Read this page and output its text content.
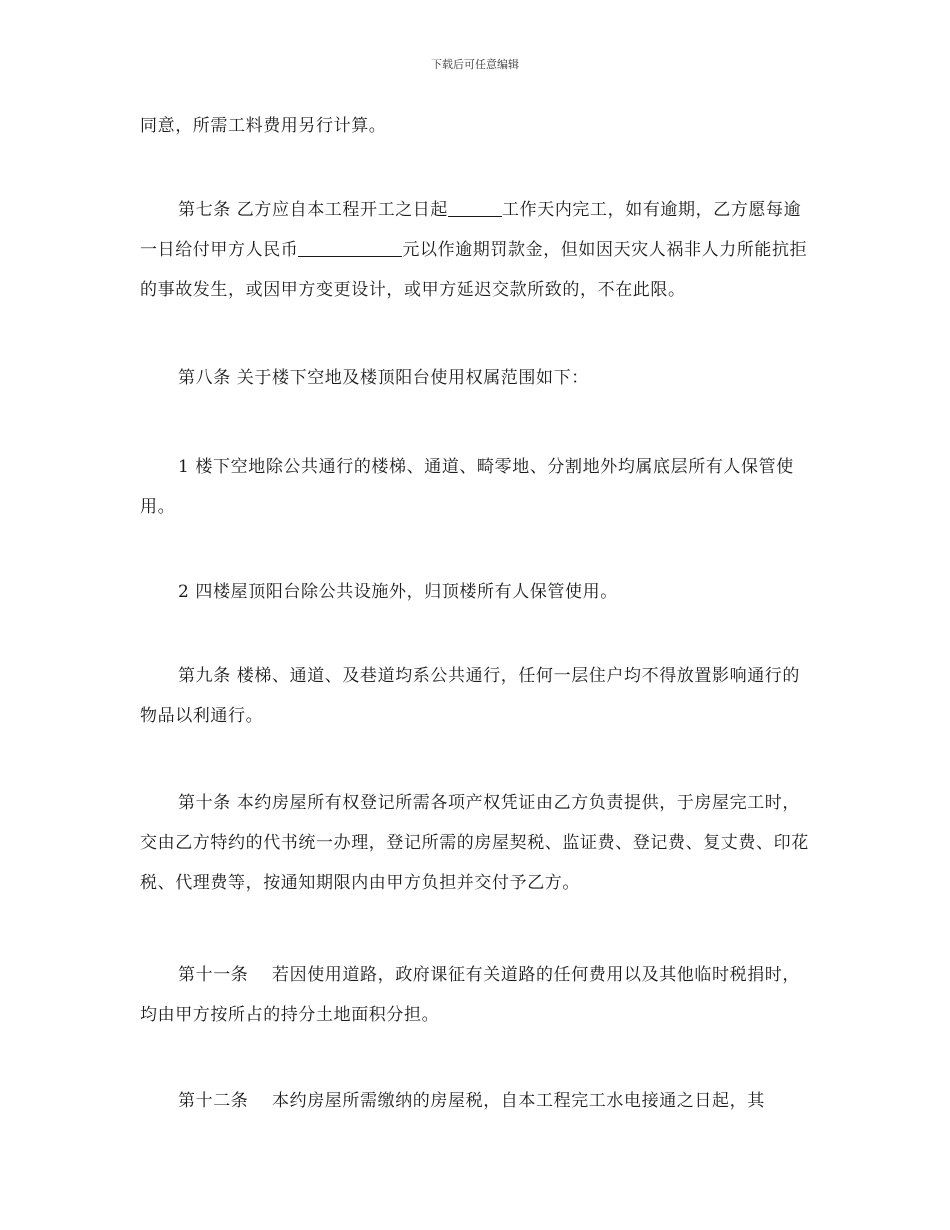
下载后可任意编辑

同意，所需工料费用另行计算。

第七条 乙方应自本工程开工之日起	工作天内完工，如有逾期，乙方愿每逾一日给付甲方人民币	元以作逾期罚款金，但如因天灾人祸非人力所能抗拒的事故发生，或因甲方变更设计，或甲方延迟交款所致的，不在此限。

第八条 关于楼下空地及楼顶阳台使用权属范围如下：

1 楼下空地除公共通行的楼梯、通道、畸零地、分割地外均属底层所有人保管使用。

2 四楼屋顶阳台除公共设施外，归顶楼所有人保管使用。

第九条 楼梯、通道、及巷道均系公共通行，任何一层住户均不得放置影响通行的物品以利通行。

第十条 本约房屋所有权登记所需各项产权凭证由乙方负责提供，于房屋完工时，交由乙方特约的代书统一办理，登记所需的房屋契税、监证费、登记费、复丈费、印花税、代理费等，按通知期限内由甲方负担并交付予乙方。

第十一条　 若因使用道路，政府课征有关道路的任何费用以及其他临时税捐时，均由甲方按所占的持分土地面积分担。

第十二条　 本约房屋所需缴纳的房屋税，自本工程完工水电接通之日起，其
